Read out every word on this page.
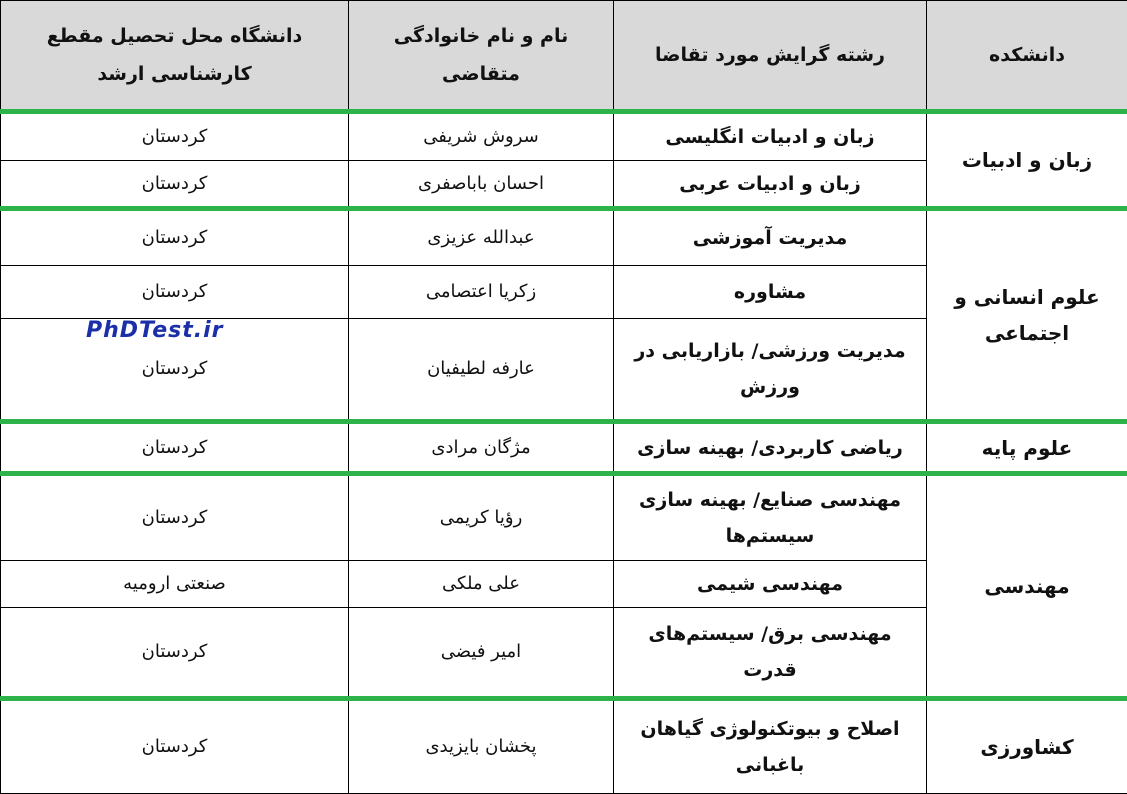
دانشکده	رشته گرایش مورد تقاضا	نام و نام خانوادگی متقاضی	دانشگاه محل تحصیل مقطع کارشناسی ارشد
زبان و ادبیات	زبان و ادبیات انگلیسی	سروش شریفی	کردستان
	زبان و ادبیات عربی	احسان باباصفری	کردستان
علوم انسانی و اجتماعی	مدیریت آموزشی	عبدالله عزیزی	کردستان
	مشاوره	زکریا اعتصامی	کردستان
	مدیریت ورزشی/ بازاریابی در ورزش	عارفه لطیفیان	کردستان
علوم پایه	ریاضی کاربردی/ بهینه سازی	مژگان مرادی	کردستان
مهندسی	مهندسی صنایع/ بهینه سازی سیستم‌ها	رؤیا کریمی	کردستان
	مهندسی شیمی	علی ملکی	صنعتی ارومیه
	مهندسی برق/ سیستم‌های قدرت	امیر فیضی	کردستان
کشاورزی	اصلاح و بیوتکنولوژی گیاهان باغبانی	پخشان بایزیدی	کردستان
PhDTest.ir
